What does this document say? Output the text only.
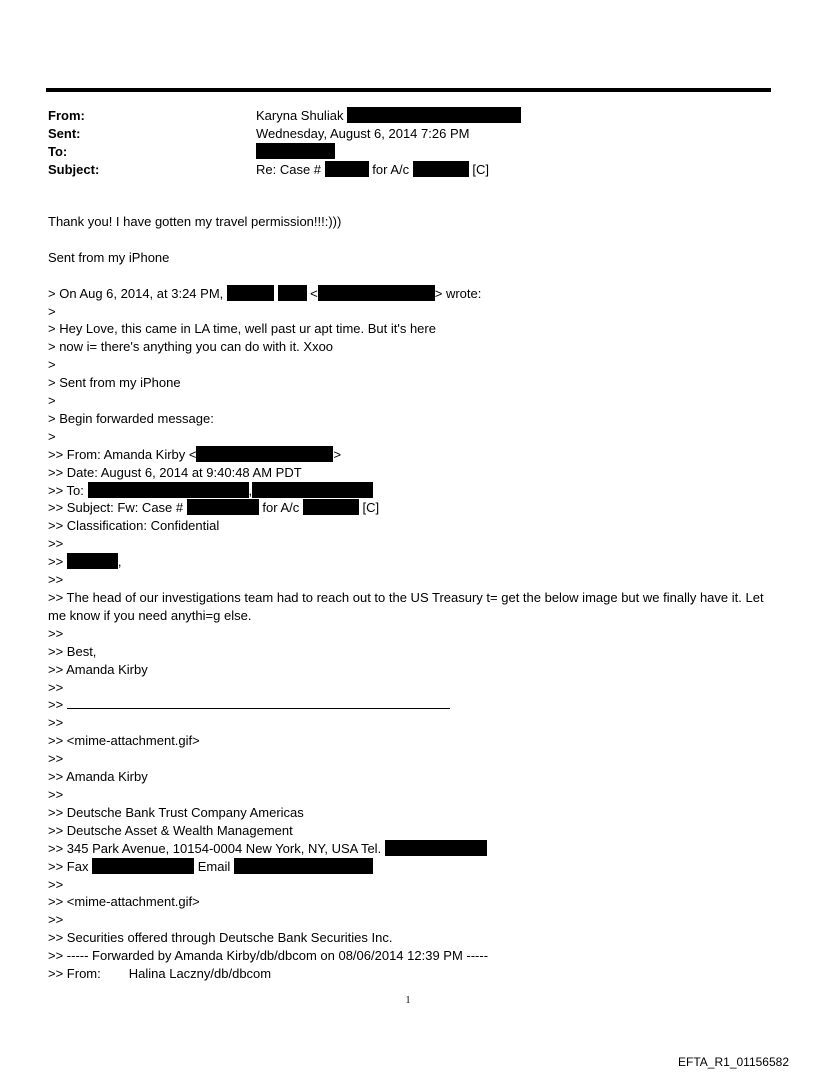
From:	Karyna Shuliak
Sent:	Wednesday, August 6, 2014 7:26 PM
To:
Subject:	Re: Case #	for A/c	[C]
Thank you! I have gotten my travel permission!!!:)))
Sent from my iPhone
> On Aug 6, 2014, at 3:24 PM,	<	> wrote:
>
> Hey Love, this came in LA time, well past ur apt time. But it's here
> now i= there's anything you can do with it. Xxoo
>
> Sent from my iPhone
>
> Begin forwarded message:
>
>> From: Amanda Kirby <	>
>> Date: August 6, 2014 at 9:40:48 AM PDT
>> To:	,
>> Subject: Fw: Case #	for A/c	[C]
>> Classification: Confidential
>>
>>	,
>>
>> The head of our investigations team had to reach out to the US Treasury t= get the below image but we finally have it. Let me know if you need anythi=g else.
>>
>> Best,
>> Amanda Kirby
>>
>>
>>
>> <mime-attachment.gif>
>>
>> Amanda Kirby
>>
>> Deutsche Bank Trust Company Americas
>> Deutsche Asset & Wealth Management
>> 345 Park Avenue, 10154-0004 New York, NY, USA Tel.
>> Fax	Email
>>
>> <mime-attachment.gif>
>>
>> Securities offered through Deutsche Bank Securities Inc.
>> ----- Forwarded by Amanda Kirby/db/dbcom on 08/06/2014 12:39 PM -----
>> From: Halina Laczny/db/dbcom
1
EFTA_R1_01156582
